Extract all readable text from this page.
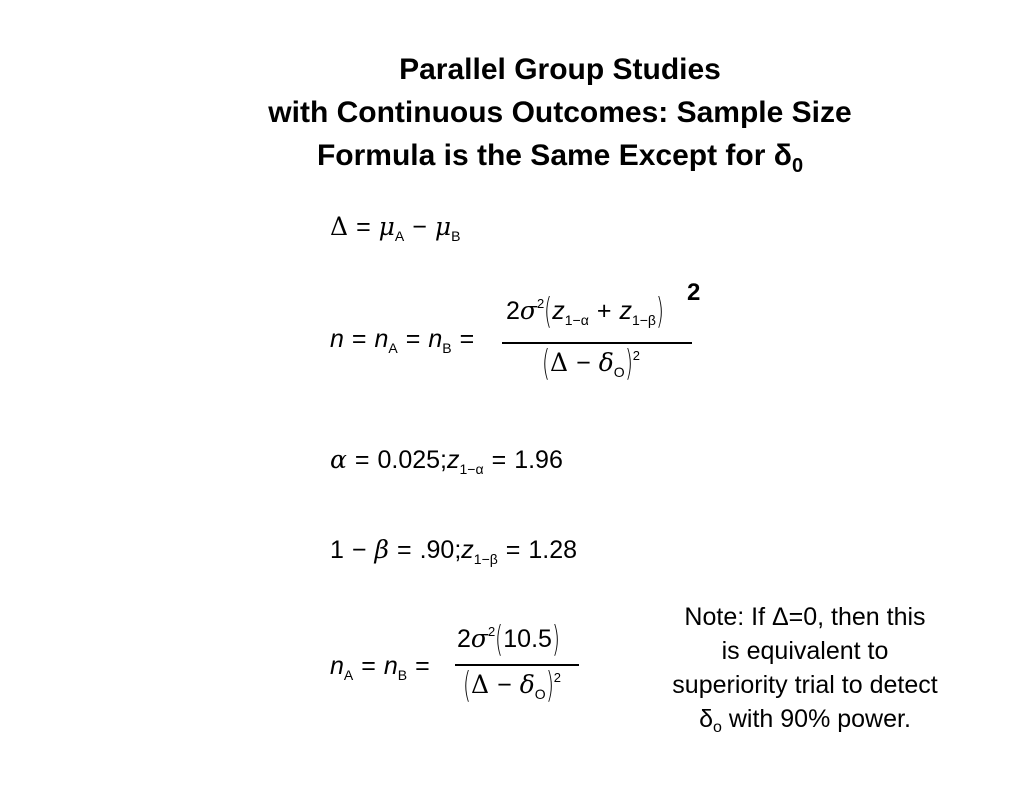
Parallel Group Studies
with Continuous Outcomes: Sample Size
Formula is the Same Except for $\delta_0$
$\Delta = \mu_A - \mu_B$
$n = n_A = n_B$ =
$2\sigma^2(z_{1-\alpha} + z_{1-\beta})$
$(\Delta - \delta_O)^2$
2
$\alpha = 0.025;z_{1-\alpha} = 1.96$
$1 - \beta = .90;z_{1-\beta} = 1.28$
$n_A = n_B$ =
$2\sigma^2(10.5)$
$(\Delta - \delta_O)^2$
Note: If Δ=0, then this
is equivalent to
superiority trial to detect
$\delta_o$ with 90% power.
